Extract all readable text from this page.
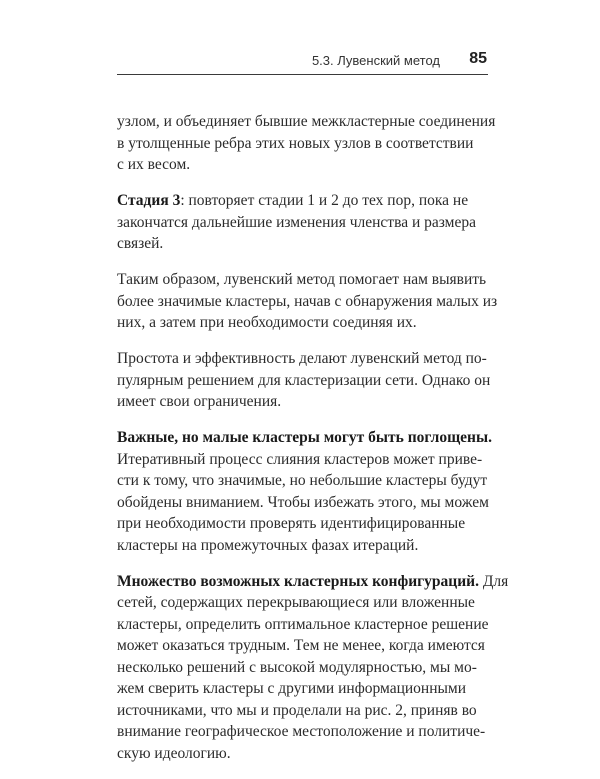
5.3. Лувенский метод 85

узлом, и объединяет бывшие межкластерные соединения
в утолщенные ребра этих новых узлов в соответствии
с их весом.

Стадия 3: повторяет стадии 1 и 2 до тех пор, пока не
закончатся дальнейшие изменения членства и размера
связей.

Таким образом, лувенский метод помогает нам выявить
более значимые кластеры, начав с обнаружения малых из
них, а затем при необходимости соединяя их.

Простота и эффективность делают лувенский метод по-
пулярным решением для кластеризации сети. Однако он
имеет свои ограничения.

Важные, но малые кластеры могут быть поглощены.
Итеративный процесс слияния кластеров может приве-
сти к тому, что значимые, но небольшие кластеры будут
обойдены вниманием. Чтобы избежать этого, мы можем
при необходимости проверять идентифицированные
кластеры на промежуточных фазах итераций.

Множество возможных кластерных конфигураций. Для
сетей, содержащих перекрывающиеся или вложенные
кластеры, определить оптимальное кластерное решение
может оказаться трудным. Тем не менее, когда имеются
несколько решений с высокой модулярностью, мы мо-
жем сверить кластеры с другими информационными
источниками, что мы и проделали на рис. 2, приняв во
внимание географическое местоположение и политиче-
скую идеологию.
